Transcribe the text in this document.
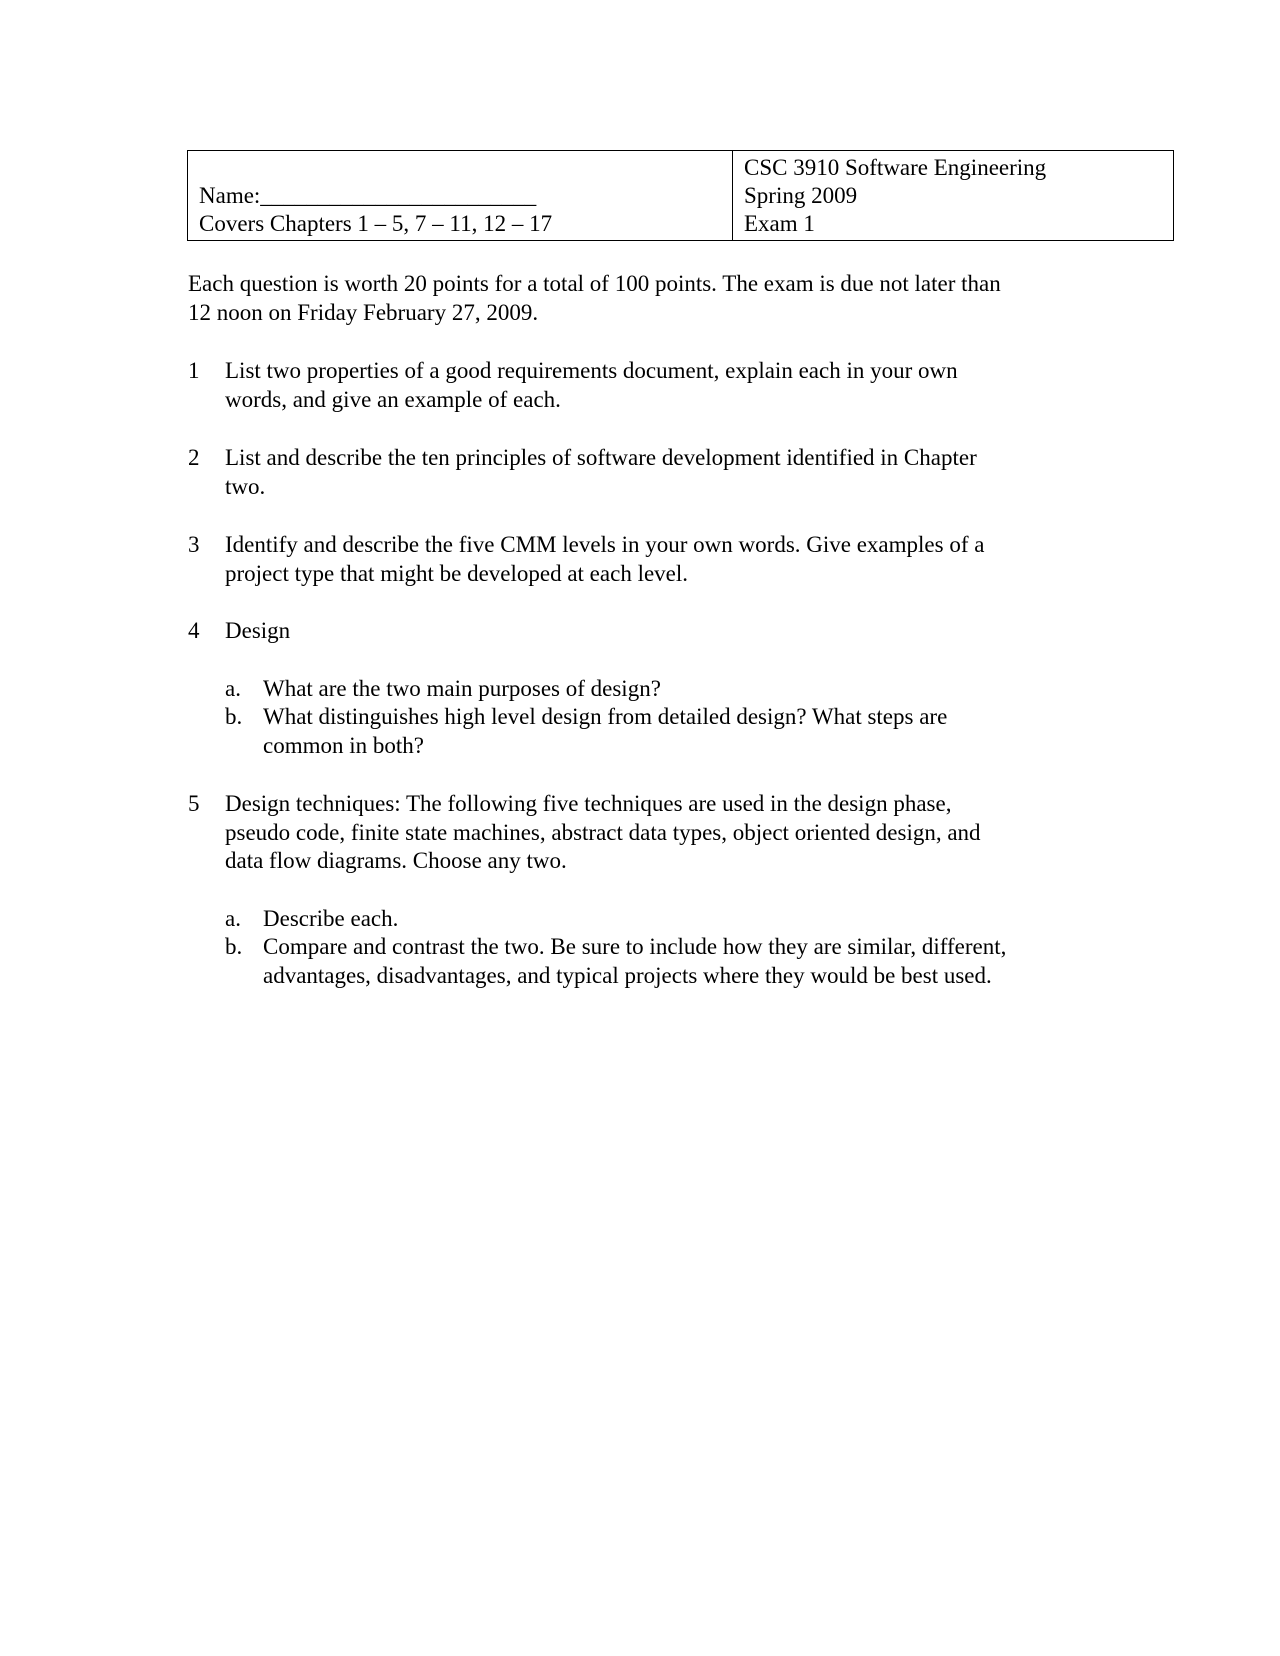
Name:________________________
Covers Chapters 1 – 5, 7 – 11, 12 – 17
CSC 3910 Software Engineering
Spring 2009
Exam 1
Each question is worth 20 points for a total of 100 points. The exam is due not later than
12 noon on Friday February 27, 2009.
1 List two properties of a good requirements document, explain each in your own
words, and give an example of each.
2 List and describe the ten principles of software development identified in Chapter
two.
3 Identify and describe the five CMM levels in your own words. Give examples of a
project type that might be developed at each level.
4 Design
a. What are the two main purposes of design?
b. What distinguishes high level design from detailed design? What steps are
common in both?
5 Design techniques: The following five techniques are used in the design phase,
pseudo code, finite state machines, abstract data types, object oriented design, and
data flow diagrams. Choose any two.
a. Describe each.
b. Compare and contrast the two. Be sure to include how they are similar, different,
advantages, disadvantages, and typical projects where they would be best used.
